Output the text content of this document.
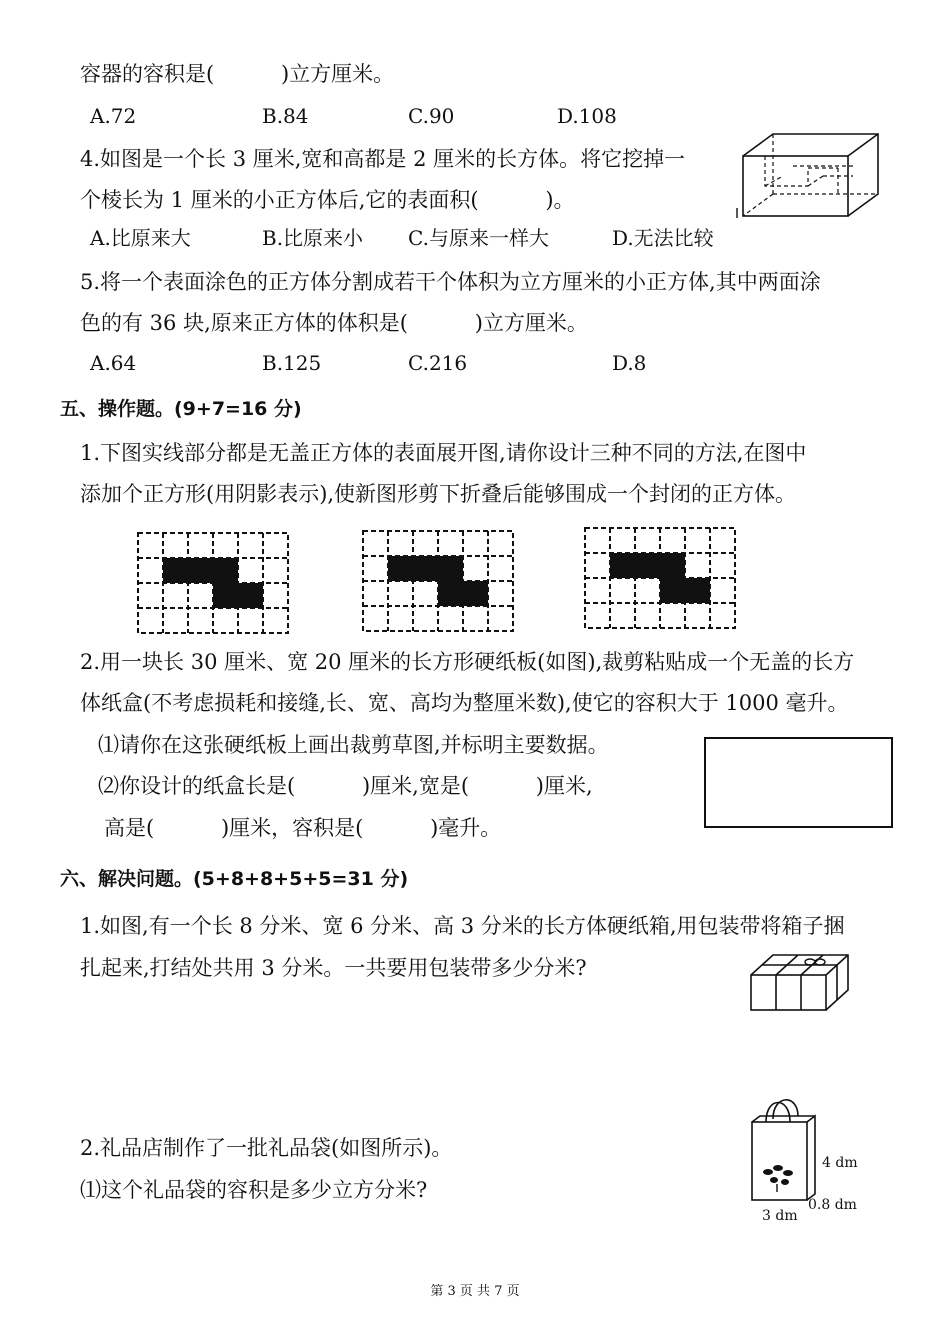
容器的容积是(          )立方厘米。
A.72	B.84	C.90	D.108
4.如图是一个长 3 厘米,宽和高都是 2 厘米的长方体。将它挖掉一
个棱长为 1 厘米的小正方体后,它的表面积(          )。
A.比原来大	B.比原来小 C.与原来一样大	D.无法比较
5.将一个表面涂色的正方体分割成若干个体积为立方厘米的小正方体,其中两面涂
色的有 36 块,原来正方体的体积是(          )立方厘米。
A.64	B.125	C.216	D.8
五、操作题。(9+7=16 分)
1.下图实线部分都是无盖正方体的表面展开图,请你设计三种不同的方法,在图中
添加个正方形(用阴影表示),使新图形剪下折叠后能够围成一个封闭的正方体。
2.用一块长 30 厘米、宽 20 厘米的长方形硬纸板(如图),裁剪粘贴成一个无盖的长方
体纸盒(不考虑损耗和接缝,长、宽、高均为整厘米数),使它的容积大于 1000 毫升。
⑴请你在这张硬纸板上画出裁剪草图,并标明主要数据。
⑵你设计的纸盒长是(          )厘米,宽是(          )厘米,
高是(          )厘米，容积是(          )毫升。
六、解决问题。(5+8+8+5+5=31 分)
1.如图,有一个长 8 分米、宽 6 分米、高 3 分米的长方体硬纸箱,用包装带将箱子捆
扎起来,打结处共用 3 分米。一共要用包装带多少分米?
2.礼品店制作了一批礼品袋(如图所示)。
⑴这个礼品袋的容积是多少立方分米?
4 dm
0.8 dm
3 dm
第 3 页 共 7 页
